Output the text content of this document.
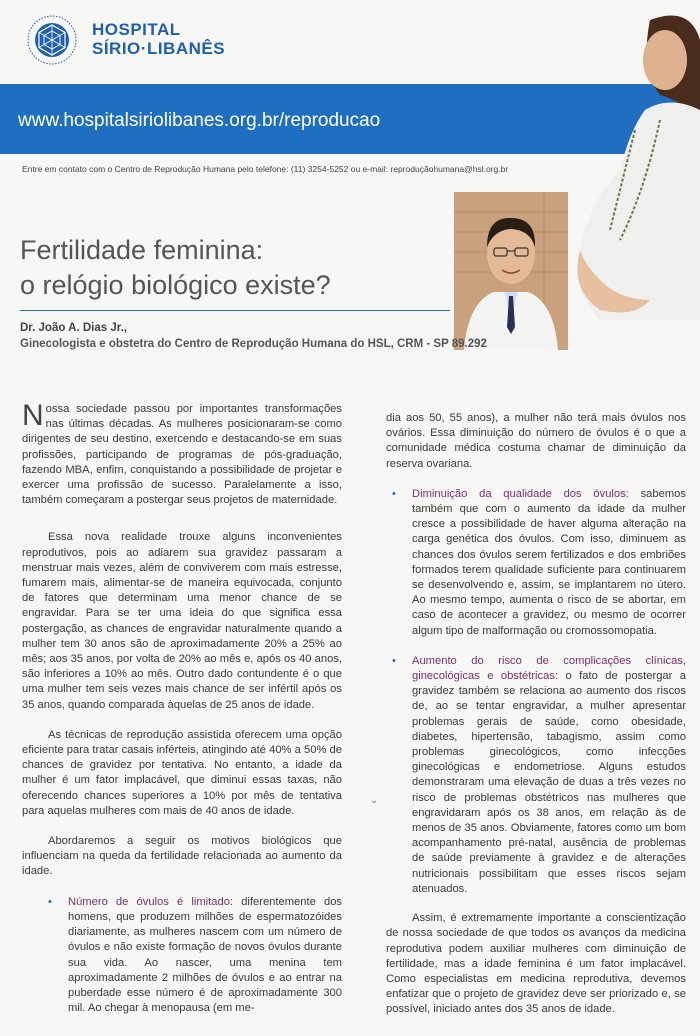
HOSPITAL
SÍRIO·LIBANÊS
www.hospitalsiriolibanes.org.br/reproducao
Entre em contato com o Centro de Reprodução Humana pelo telefone: (11) 3254-5252 ou e-mail: reproduçãohumana@hsl.org.br
Fertilidade feminina:
o relógio biológico existe?
Dr. João A. Dias Jr.,
Ginecologista e obstetra do Centro de Reprodução Humana do HSL, CRM - SP 89.292

Nossa sociedade passou por importantes transformações nas últimas décadas. As mulheres posicionaram-se como dirigentes de seu destino, exercendo e destacando-se em suas profissões, participando de programas de pós-graduação, fazendo MBA, enfim, conquistando a possibilidade de projetar e exercer uma profissão de sucesso. Paralelamente a isso, também começaram a postergar seus projetos de maternidade.

Essa nova realidade trouxe alguns inconvenientes reprodutivos, pois ao adiarem sua gravidez passaram a menstruar mais vezes, além de conviverem com mais estresse, fumarem mais, alimentar-se de maneira equivocada, conjunto de fatores que determinam uma menor chance de se engravidar. Para se ter uma ideia do que significa essa postergação, as chances de engravidar naturalmente quando a mulher tem 30 anos são de aproximadamente 20% a 25% ao mês; aos 35 anos, por volta de 20% ao mês e, após os 40 anos, são inferiores a 10% ao mês. Outro dado contundente é o que uma mulher tem seis vezes mais chance de ser infértil após os 35 anos, quando comparada àquelas de 25 anos de idade.

As técnicas de reprodução assistida oferecem uma opção eficiente para tratar casais inférteis, atingindo até 40% a 50% de chances de gravidez por tentativa. No entanto, a idade da mulher é um fator implacável, que diminui essas taxas, não oferecendo chances superiores a 10% por mês de tentativa para aquelas mulheres com mais de 40 anos de idade.

Abordaremos a seguir os motivos biológicos que influenciam na queda da fertilidade relacionada ao aumento da idade.

• Número de óvulos é limitado: diferentemente dos homens, que produzem milhões de espermatozóides diariamente, as mulheres nascem com um número de óvulos e não existe formação de novos óvulos durante sua vida. Ao nascer, uma menina tem aproximadamente 2 milhões de óvulos e ao entrar na puberdade esse número é de aproximadamente 300 mil. Ao chegar à menopausa (em me-

dia aos 50, 55 anos), a mulher não terá mais óvulos nos ovários. Essa diminuição do número de óvulos é o que a comunidade médica costuma chamar de diminuição da reserva ovariana.

• Diminuição da qualidade dos óvulos: sabemos também que com o aumento da idade da mulher cresce a possibilidade de haver alguma alteração na carga genética dos óvulos. Com isso, diminuem as chances dos óvulos serem fertilizados e dos embriões formados terem qualidade suficiente para continuarem se desenvolvendo e, assim, se implantarem no útero. Ao mesmo tempo, aumenta o risco de se abortar, em caso de acontecer a gravidez, ou mesmo de ocorrer algum tipo de malformação ou cromossomopatia.
• Aumento do risco de complicações clínicas, ginecológicas e obstétricas: o fato de postergar a gravidez também se relaciona ao aumento dos riscos de, ao se tentar engravidar, a mulher apresentar problemas gerais de saúde, como obesidade, diabetes, hipertensão, tabagismo, assim como problemas ginecológicos, como infecções ginecológicas e endometriose. Alguns estudos demonstraram uma elevação de duas a três vezes no risco de problemas obstétricos nas mulheres que engravidaram após os 38 anos, em relação às de menos de 35 anos. Obviamente, fatores como um bom acompanhamento pré-natal, ausência de problemas de saúde previamente à gravidez e de alterações nutricionais possibilitam que esses riscos sejam atenuados.

Assim, é extremamente importante a conscientização de nossa sociedade de que todos os avanços da medicina reprodutiva podem auxiliar mulheres com diminuição de fertilidade, mas a idade feminina é um fator implacável. Como especialistas em medicina reprodutiva, devemos enfatizar que o projeto de gravidez deve ser priorizado e, se possível, iniciado antes dos 35 anos de idade.

⌄
